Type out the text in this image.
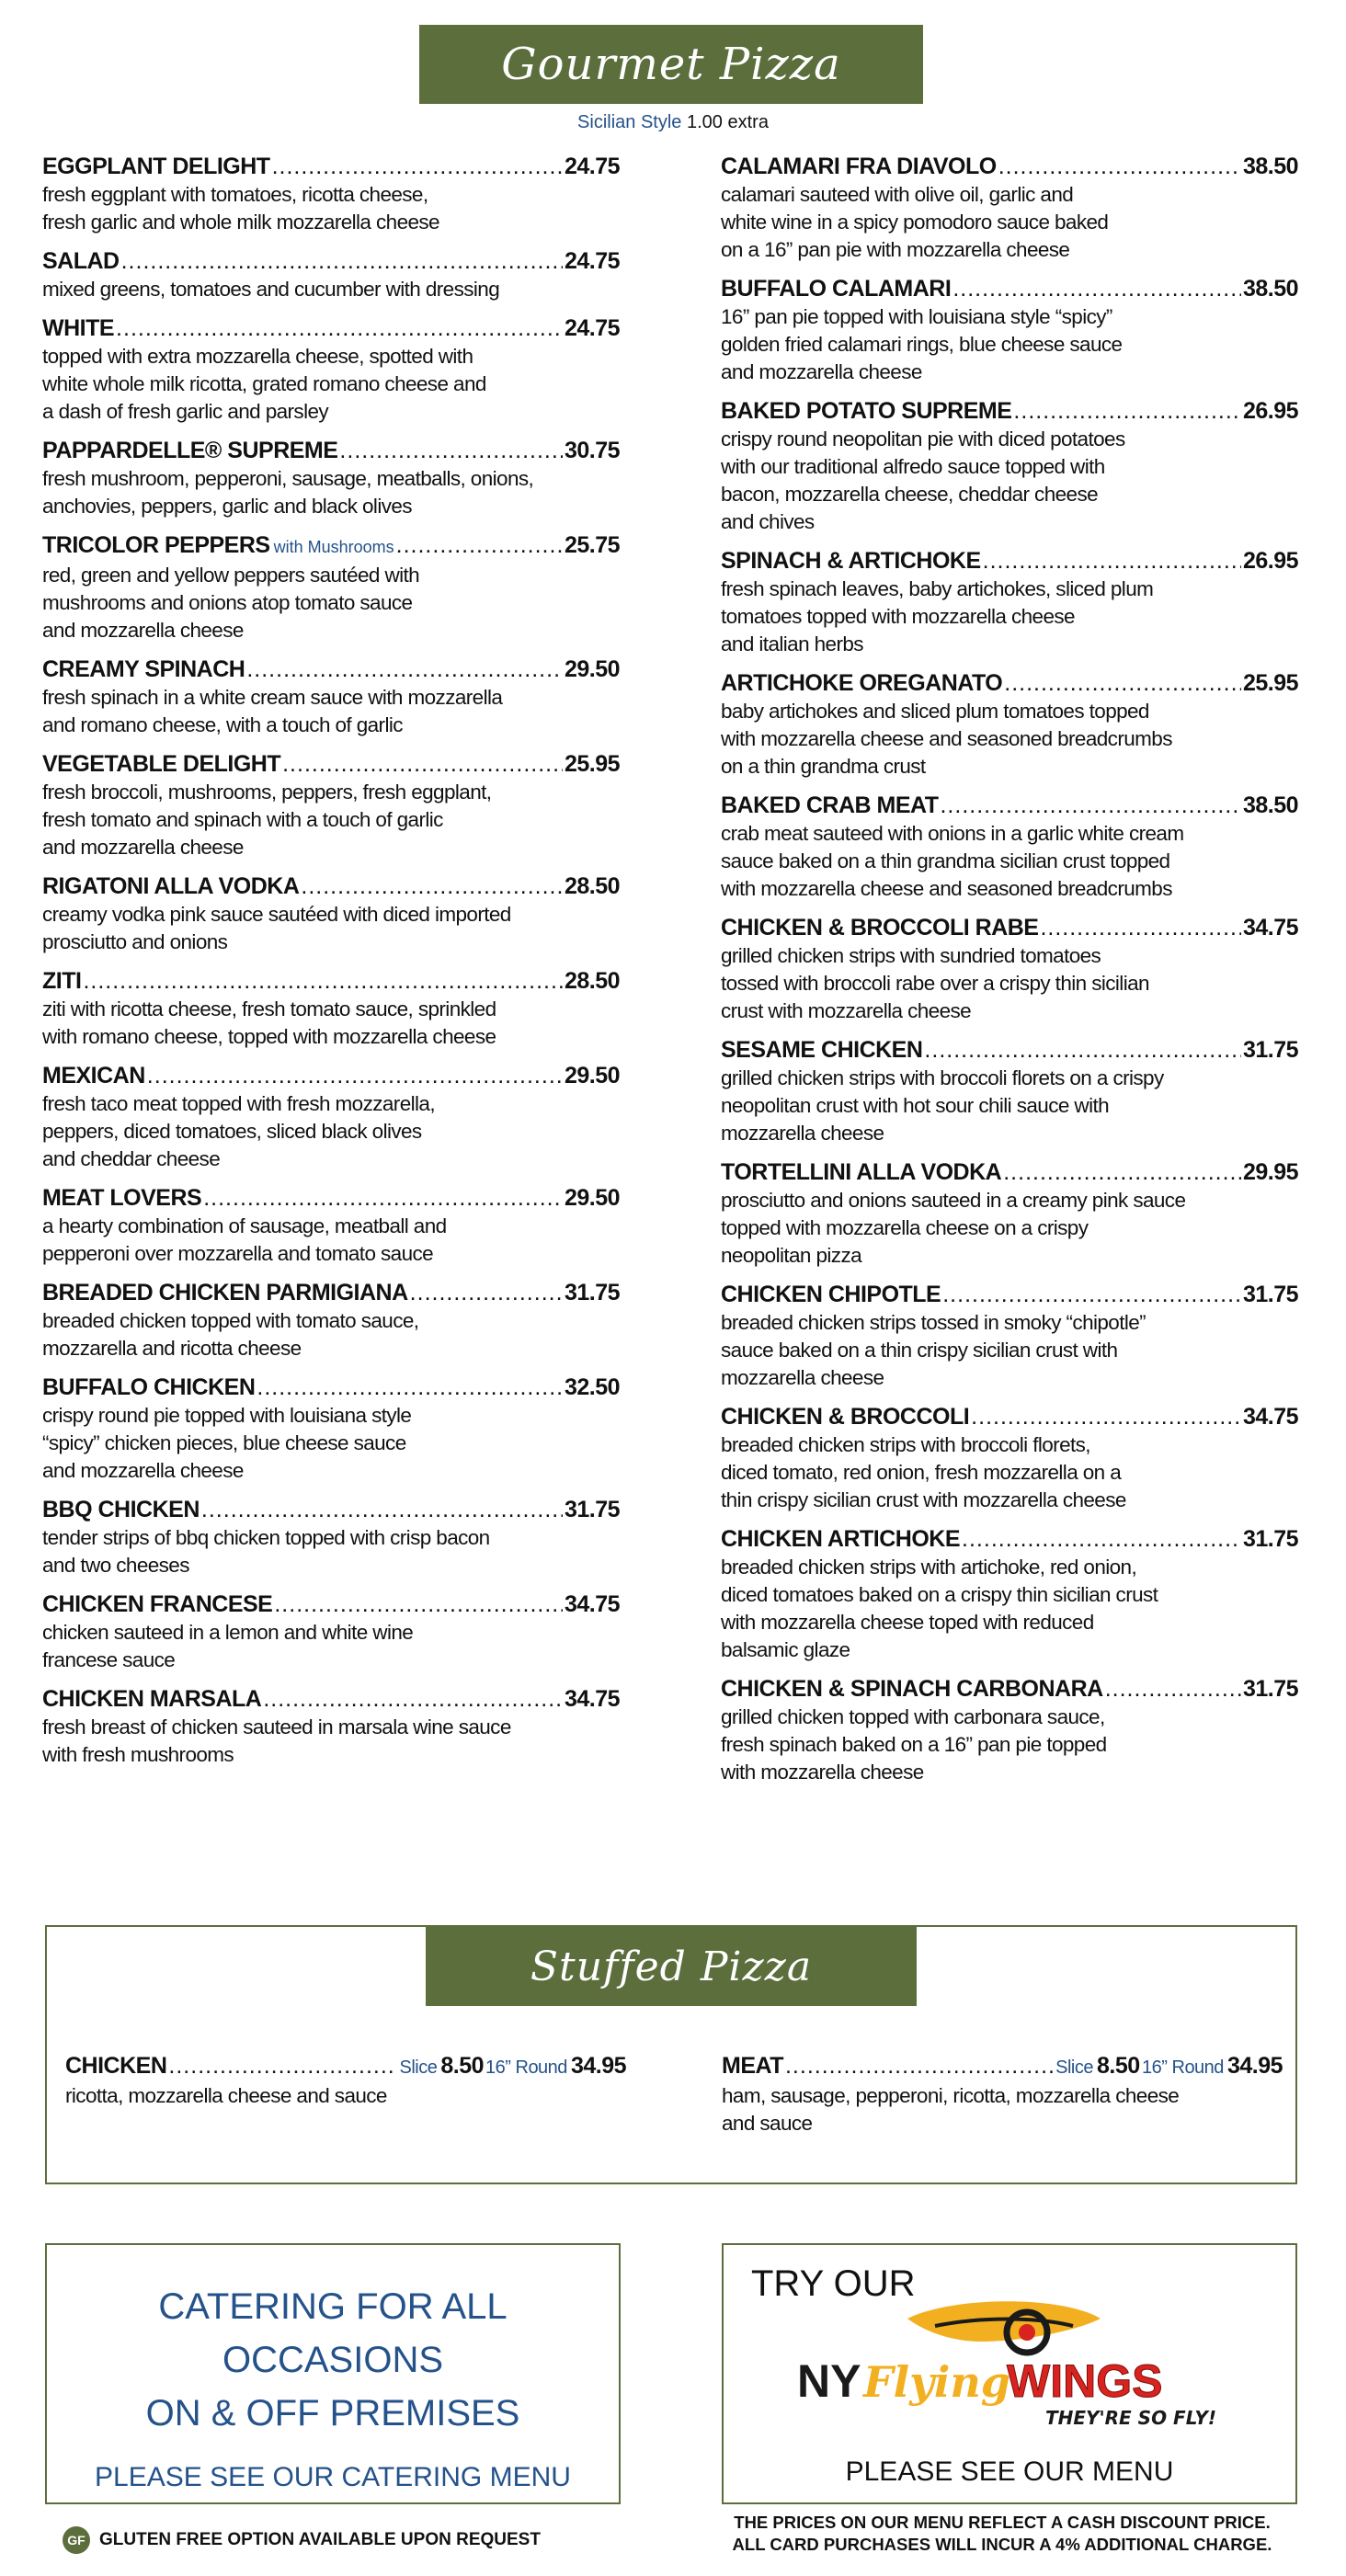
Gourmet Pizza
Sicilian Style 1.00 extra
EGGPLANT DELIGHT .....	24.75
fresh eggplant with tomatoes, ricotta cheese,
fresh garlic and whole milk mozzarella cheese
SALAD .....	24.75
mixed greens, tomatoes and cucumber with dressing
WHITE .....	24.75
topped with extra mozzarella cheese, spotted with
white whole milk ricotta, grated romano cheese and
a dash of fresh garlic and parsley
PAPPARDELLE® SUPREME .....	30.75
fresh mushroom, pepperoni, sausage, meatballs, onions,
anchovies, peppers, garlic and black olives
TRICOLOR PEPPERS with Mushrooms .....	25.75
red, green and yellow peppers sautéed with
mushrooms and onions atop tomato sauce
and mozzarella cheese
CREAMY SPINACH .....	29.50
fresh spinach in a white cream sauce with mozzarella
and romano cheese, with a touch of garlic
VEGETABLE DELIGHT .....	25.95
fresh broccoli, mushrooms, peppers, fresh eggplant,
fresh tomato and spinach with a touch of garlic
and mozzarella cheese
RIGATONI ALLA VODKA .....	28.50
creamy vodka pink sauce sautéed with diced imported
prosciutto and onions
ZITI .....	28.50
ziti with ricotta cheese, fresh tomato sauce, sprinkled
with romano cheese, topped with mozzarella cheese
MEXICAN .....	29.50
fresh taco meat topped with fresh mozzarella,
peppers, diced tomatoes, sliced black olives
and cheddar cheese
MEAT LOVERS .....	29.50
a hearty combination of sausage, meatball and
pepperoni over mozzarella and tomato sauce
BREADED CHICKEN PARMIGIANA .....	31.75
breaded chicken topped with tomato sauce,
mozzarella and ricotta cheese
BUFFALO CHICKEN .....	32.50
crispy round pie topped with louisiana style
“spicy” chicken pieces, blue cheese sauce
and mozzarella cheese
BBQ CHICKEN .....	31.75
tender strips of bbq chicken topped with crisp bacon
and two cheeses
CHICKEN FRANCESE .....	34.75
chicken sauteed in a lemon and white wine
francese sauce
CHICKEN MARSALA .....	34.75
fresh breast of chicken sauteed in marsala wine sauce
with fresh mushrooms
CALAMARI FRA DIAVOLO .....	38.50
calamari sauteed with olive oil, garlic and
white wine in a spicy pomodoro sauce baked
on a 16” pan pie with mozzarella cheese
BUFFALO CALAMARI .....	38.50
16” pan pie topped with louisiana style “spicy”
golden fried calamari rings, blue cheese sauce
and mozzarella cheese
BAKED POTATO SUPREME .....	26.95
crispy round neopolitan pie with diced potatoes
with our traditional alfredo sauce topped with
bacon, mozzarella cheese, cheddar cheese
and chives
SPINACH & ARTICHOKE .....	26.95
fresh spinach leaves, baby artichokes, sliced plum
tomatoes topped with mozzarella cheese
and italian herbs
ARTICHOKE OREGANATO .....	25.95
baby artichokes and sliced plum tomatoes topped
with mozzarella cheese and seasoned breadcrumbs
on a thin grandma crust
BAKED CRAB MEAT .....	38.50
crab meat sauteed with onions in a garlic white cream
sauce baked on a thin grandma sicilian crust topped
with mozzarella cheese and seasoned breadcrumbs
CHICKEN & BROCCOLI RABE .....	34.75
grilled chicken strips with sundried tomatoes
tossed with broccoli rabe over a crispy thin sicilian
crust with mozzarella cheese
SESAME CHICKEN .....	31.75
grilled chicken strips with broccoli florets on a crispy
neopolitan crust with hot sour chili sauce with
mozzarella cheese
TORTELLINI ALLA VODKA .....	29.95
prosciutto and onions sauteed in a creamy pink sauce
topped with mozzarella cheese on a crispy
neopolitan pizza
CHICKEN CHIPOTLE .....	31.75
breaded chicken strips tossed in smoky “chipotle”
sauce baked on a thin crispy sicilian crust with
mozzarella cheese
CHICKEN & BROCCOLI .....	34.75
breaded chicken strips with broccoli florets,
diced tomato, red onion, fresh mozzarella on a
thin crispy sicilian crust with mozzarella cheese
CHICKEN ARTICHOKE .....	31.75
breaded chicken strips with artichoke, red onion,
diced tomatoes baked on a crispy thin sicilian crust
with mozzarella cheese toped with reduced
balsamic glaze
CHICKEN & SPINACH CARBONARA .....	31.75
grilled chicken topped with carbonara sauce,
fresh spinach baked on a 16” pan pie topped
with mozzarella cheese
Stuffed Pizza
CHICKEN .....	Slice 8.50 16” Round 34.95
ricotta, mozzarella cheese and sauce
MEAT .....	Slice 8.50 16” Round 34.95
ham, sausage, pepperoni, ricotta, mozzarella cheese
and sauce
CATERING FOR ALL OCCASIONS
ON & OFF PREMISES
PLEASE SEE OUR CATERING MENU
TRY OUR
NY Flying
WINGS
THEY'RE SO FLY!
PLEASE SEE OUR MENU
GF GLUTEN FREE OPTION AVAILABLE UPON REQUEST
THE PRICES ON OUR MENU REFLECT A CASH DISCOUNT PRICE.
ALL CARD PURCHASES WILL INCUR A 4% ADDITIONAL CHARGE.
